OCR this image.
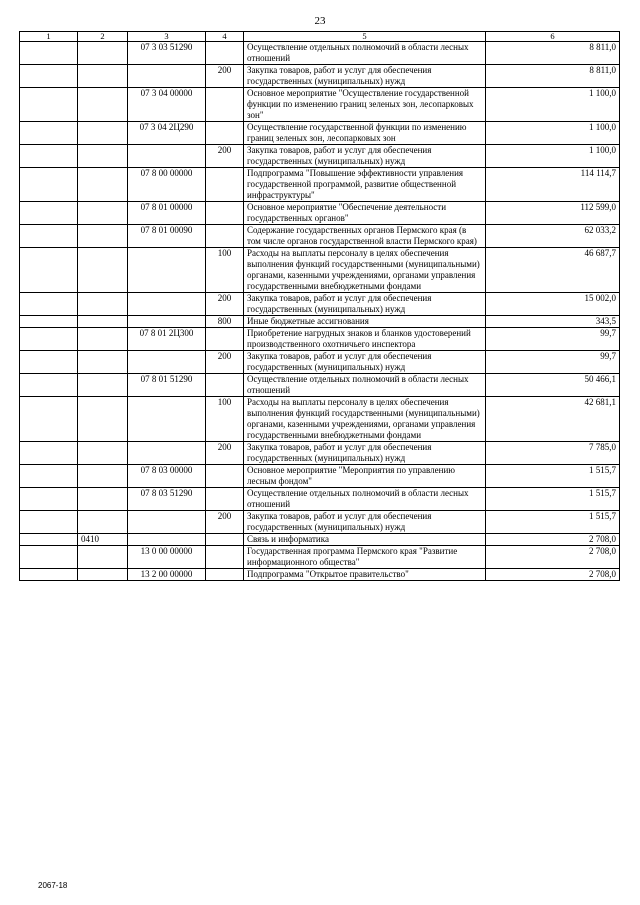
23
1	2	3	4	5	6
		07 3 03 51290		Осуществление отдельных полномочий в области лесных отношений	8 811,0
			200	Закупка товаров, работ и услуг для обеспечения государственных (муниципальных) нужд	8 811,0
		07 3 04 00000		Основное мероприятие "Осуществление государственной функции по изменению границ зеленых зон, лесопарковых зон"	1 100,0
		07 3 04 2Ц290		Осуществление государственной функции по изменению границ зеленых зон, лесопарковых зон	1 100,0
			200	Закупка товаров, работ и услуг для обеспечения государственных (муниципальных) нужд	1 100,0
		07 8 00 00000		Подпрограмма "Повышение эффективности управления государственной программой, развитие общественной инфраструктуры"	114 114,7
		07 8 01 00000		Основное мероприятие "Обеспечение деятельности государственных органов"	112 599,0
		07 8 01 00090		Содержание государственных органов Пермского края (в том числе органов государственной власти Пермского края)	62 033,2
			100	Расходы на выплаты персоналу в целях обеспечения выполнения функций государственными (муниципальными) органами, казенными учреждениями, органами управления государственными внебюджетными фондами	46 687,7
			200	Закупка товаров, работ и услуг для обеспечения государственных (муниципальных) нужд	15 002,0
			800	Иные бюджетные ассигнования	343,5
		07 8 01 2Ц300		Приобретение нагрудных знаков и бланков удостоверений производственного охотничьего инспектора	99,7
			200	Закупка товаров, работ и услуг для обеспечения государственных (муниципальных) нужд	99,7
		07 8 01 51290		Осуществление отдельных полномочий в области лесных отношений	50 466,1
			100	Расходы на выплаты персоналу в целях обеспечения выполнения функций государственными (муниципальными) органами, казенными учреждениями, органами управления государственными внебюджетными фондами	42 681,1
			200	Закупка товаров, работ и услуг для обеспечения государственных (муниципальных) нужд	7 785,0
		07 8 03 00000		Основное мероприятие "Мероприятия по управлению лесным фондом"	1 515,7
		07 8 03 51290		Осуществление отдельных полномочий в области лесных отношений	1 515,7
			200	Закупка товаров, работ и услуг для обеспечения государственных (муниципальных) нужд	1 515,7
	0410			Связь и информатика	2 708,0
		13 0 00 00000		Государственная программа Пермского края "Развитие информационного общества"	2 708,0
		13 2 00 00000		Подпрограмма "Открытое правительство"	2 708,0
2067-18
